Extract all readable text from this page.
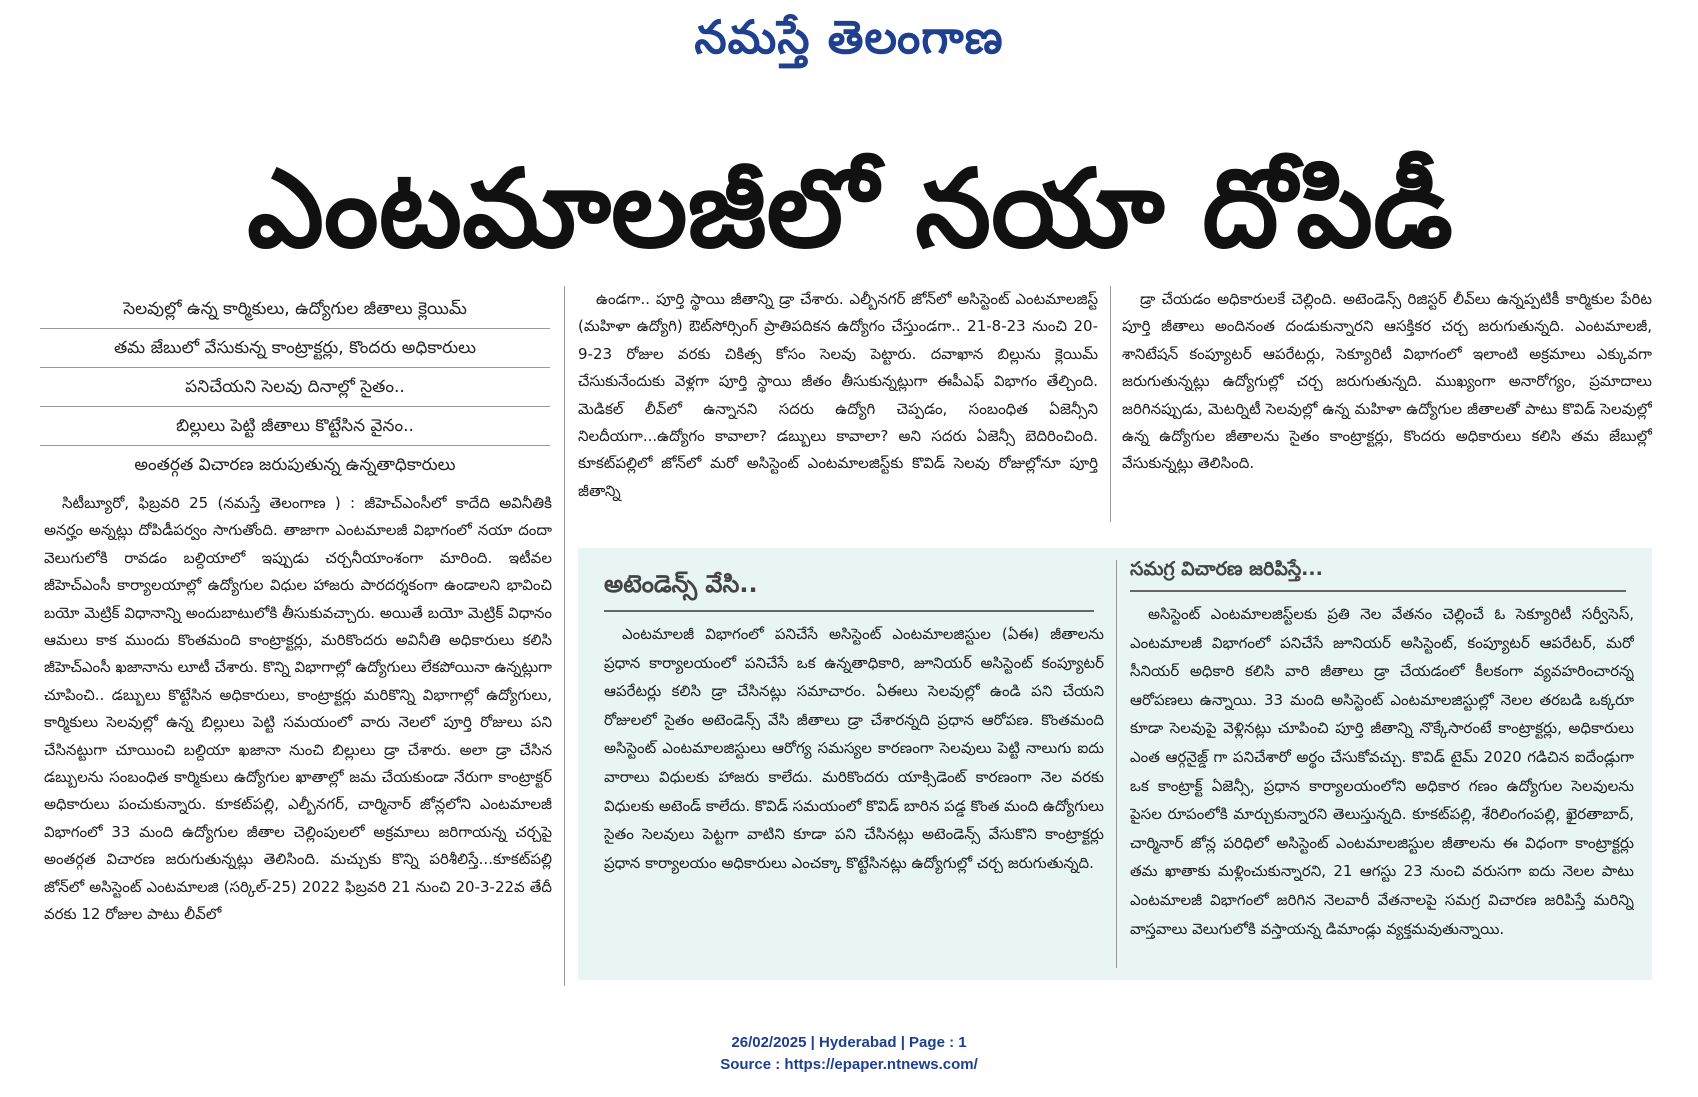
నమస్తే తెలంగాణ
ఎంటమాలజీలో నయా దోపిడీ
సెలవుల్లో ఉన్న కార్మికులు, ఉద్యోగుల జీతాలు క్లెయిమ్
తమ జేబులో వేసుకున్న కాంట్రాక్టర్లు, కొందరు అధికారులు
పనిచేయని సెలవు దినాల్లో సైతం..
బిల్లులు పెట్టి జీతాలు కొట్టేసిన వైనం..
అంతర్గత విచారణ జరుపుతున్న ఉన్నతాధికారులు

సిటీబ్యూరో, ఫిబ్రవరి 25 (నమస్తే తెలంగాణ ) : జీహెచ్ఎంసీలో కాదేది అవినీతికి అనర్హం అన్నట్లు దోపిడీపర్వం సాగుతోంది. తాజాగా ఎంటమాలజీ విభాగంలో నయా దందా వెలుగులోకి రావడం బల్దియాలో ఇప్పుడు చర్చనీయాంశంగా మారింది. ఇటీవల జీహెచ్ఎంసీ కార్యాలయాల్లో ఉద్యోగుల విధుల హాజరు పారదర్శకంగా ఉండాలని భావించి బయో మెట్రిక్ విధానాన్ని అందుబాటులోకి తీసుకువచ్చారు. అయితే బయో మెట్రిక్ విధానం ఆమలు కాక ముందు కొంతమంది కాంట్రాక్టర్లు, మరికొందరు అవినీతి అధికారులు కలిసి జీహెచ్ఎంసీ ఖజానాను లూటీ చేశారు. కొన్ని విభాగాల్లో ఉద్యోగులు లేకపోయినా ఉన్నట్లుగా చూపించి.. డబ్బులు కొట్టేసిన అధికారులు, కాంట్రాక్టర్లు మరికొన్ని విభాగాల్లో ఉద్యోగులు, కార్మికులు సెలవుల్లో ఉన్న బిల్లులు పెట్టి సమయంలో వారు నెలలో పూర్తి రోజులు పని చేసినట్టుగా చూయించి బల్దియా ఖజానా నుంచి బిల్లులు డ్రా చేశారు. అలా డ్రా చేసిన డబ్బులను సంబంధిత కార్మికులు ఉద్యోగుల ఖాతాల్లో జమ చేయకుండా నేరుగా కాంట్రాక్టర్ అధికారులు పంచుకున్నారు. కూకట్‌పల్లి, ఎల్బీనగర్, చార్మినార్ జోన్లలోని ఎంటమాలజీ విభాగంలో 33 మంది ఉద్యోగుల జీతాల చెల్లింపులలో అక్రమాలు జరిగాయన్న చర్చపై అంతర్గత విచారణ జరుగుతున్నట్లు తెలిసింది. మచ్చుకు కొన్ని పరిశీలిస్తే...కూకట్‌పల్లి జోన్‌లో అసిస్టెంట్ ఎంటమాలజి (సర్కిల్-25) 2022 ఫిబ్రవరి 21 నుంచి 20-3-22వ తేదీ వరకు 12 రోజుల పాటు లీవ్‌లో

ఉండగా.. పూర్తి స్థాయి జీతాన్ని డ్రా చేశారు. ఎల్బీనగర్ జోన్‌లో అసిస్టెంట్ ఎంటమాలజిస్ట్ (మహిళా ఉద్యోగి) ఔట్‌సోర్సింగ్ ప్రాతిపదికన ఉద్యోగం చేస్తుండగా.. 21-8-23 నుంచి 20-9-23 రోజుల వరకు చికిత్స కోసం సెలవు పెట్టారు. దవాఖాన బిల్లును క్లెయిమ్ చేసుకునేందుకు వెళ్లగా పూర్తి స్థాయి జీతం తీసుకున్నట్లుగా ఈపీఎఫ్ విభాగం తేల్చింది. మెడికల్ లీవ్‌లో ఉన్నానని సదరు ఉద్యోగి చెప్పడం, సంబంధిత ఏజెన్సీని నిలదీయగా...ఉద్యోగం కావాలా? డబ్బులు కావాలా? అని సదరు ఏజెన్సీ బెదిరించింది. కూకట్‌పల్లిలో జోన్‌లో మరో అసిస్టెంట్ ఎంటమాలజిస్ట్‌కు కొవిడ్ సెలవు రోజుల్లోనూ పూర్తి జీతాన్ని

డ్రా చేయడం అధికారులకే చెల్లింది. అటెండెన్స్ రిజిస్టర్ లీవ్‌లు ఉన్నప్పటికీ కార్మికుల పేరిట పూర్తి జీతాలు అందినంత దండుకున్నారని ఆసక్తికర చర్చ జరుగుతున్నది. ఎంటమాలజీ, శానిటేషన్ కంప్యూటర్ ఆపరేటర్లు, సెక్యూరిటీ విభాగంలో ఇలాంటి అక్రమాలు ఎక్కువగా జరుగుతున్నట్లు ఉద్యోగుల్లో చర్చ జరుగుతున్నది. ముఖ్యంగా అనారోగ్యం, ప్రమాదాలు జరిగినప్పుడు, మెటర్నిటీ సెలవుల్లో ఉన్న మహిళా ఉద్యోగుల జీతాలతో పాటు కొవిడ్ సెలవుల్లో ఉన్న ఉద్యోగుల జీతాలను సైతం కాంట్రాక్టర్లు, కొందరు అధికారులు కలిసి తమ జేబుల్లో వేసుకున్నట్లు తెలిసింది.

అటెండెన్స్ వేసి..

ఎంటమాలజీ విభాగంలో పనిచేసే అసిస్టెంట్ ఎంటమాలజిస్టుల (ఏఈ) జీతాలను ప్రధాన కార్యాలయంలో పనిచేసే ఒక ఉన్నతాధికారి, జూనియర్ అసిస్టెంట్ కంప్యూటర్ ఆపరేటర్లు కలిసి డ్రా చేసినట్లు సమాచారం. ఏఈలు సెలవుల్లో ఉండి పని చేయని రోజులలో సైతం అటెండెన్స్ వేసి జీతాలు డ్రా చేశారన్నది ప్రధాన ఆరోపణ. కొంతమంది అసిస్టెంట్ ఎంటమాలజిస్టులు ఆరోగ్య సమస్యల కారణంగా సెలవులు పెట్టి నాలుగు ఐదు వారాలు విధులకు హాజరు కాలేదు. మరికొందరు యాక్సిడెంట్ కారణంగా నెల వరకు విధులకు అటెండ్ కాలేదు. కొవిడ్ సమయంలో కొవిడ్ బారిన పడ్డ కొంత మంది ఉద్యోగులు సైతం సెలవులు పెట్టగా వాటిని కూడా పని చేసినట్లు అటెండెన్స్ వేసుకొని కాంట్రాక్టర్లు ప్రధాన కార్యాలయం అధికారులు ఎంచక్కా కొట్టేసినట్లు ఉద్యోగుల్లో చర్చ జరుగుతున్నది.

సమగ్ర విచారణ జరిపిస్తే...

అసిస్టెంట్ ఎంటమాలజిస్ట్‌లకు ప్రతి నెల వేతనం చెల్లించే ఓ సెక్యూరిటీ సర్వీసెస్, ఎంటమాలజీ విభాగంలో పనిచేసే జూనియర్ అసిస్టెంట్, కంప్యూటర్ ఆపరేటర్, మరో సీనియర్ అధికారి కలిసి వారి జీతాలు డ్రా చేయడంలో కీలకంగా వ్యవహరించారన్న ఆరోపణలు ఉన్నాయి. 33 మంది అసిస్టెంట్ ఎంటమాలజిస్టుల్లో నెలల తరబడి ఒక్కరూ కూడా సెలవుపై వెళ్లినట్లు చూపించి పూర్తి జీతాన్ని నొక్కేసారంటే కాంట్రాక్టర్లు, అధికారులు ఎంత ఆర్గనైజ్డ్ గా పనిచేశారో అర్థం చేసుకోవచ్చు. కొవిడ్ టైమ్ 2020 గడిచిన ఐదేండ్లుగా ఒక కాంట్రాక్ట్ ఏజెన్సీ, ప్రధాన కార్యాలయంలోని అధికార గణం ఉద్యోగుల సెలవులను పైసల రూపంలోకి మార్చుకున్నారని తెలుస్తున్నది. కూకట్‌పల్లి, శేరిలింగంపల్లి, ఖైరతాబాద్, చార్మినార్ జోన్ల పరిధిలో అసిస్టెంట్ ఎంటమాలజిస్టుల జీతాలను ఈ విధంగా కాంట్రాక్టర్లు తమ ఖాతాకు మళ్లించుకున్నారని, 21 ఆగస్టు 23 నుంచి వరుసగా ఐదు నెలల పాటు ఎంటమాలజీ విభాగంలో జరిగిన నెలవారీ వేతనాలపై సమగ్ర విచారణ జరిపిస్తే మరిన్ని వాస్తవాలు వెలుగులోకి వస్తాయన్న డిమాండ్లు వ్యక్తమవుతున్నాయి.

26/02/2025 | Hyderabad | Page : 1
Source : https://epaper.ntnews.com/
